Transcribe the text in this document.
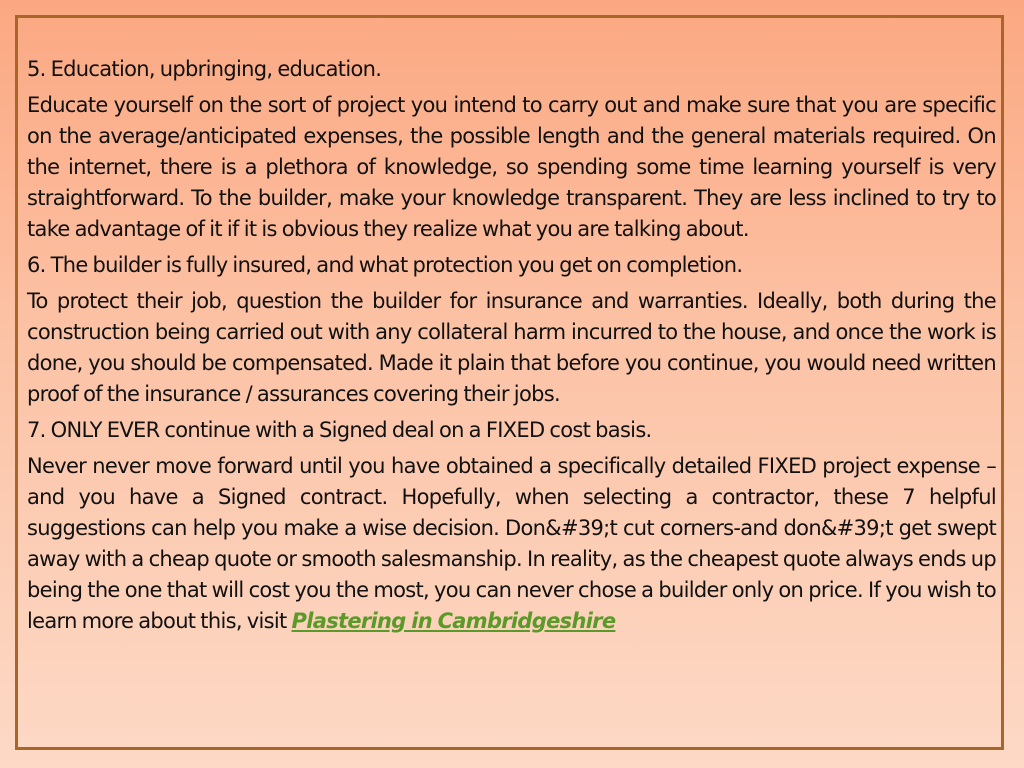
5. Education, upbringing, education.

Educate yourself on the sort of project you intend to carry out and make sure that you are specific on the average/anticipated expenses, the possible length and the general materials required. On the internet, there is a plethora of knowledge, so spending some time learning yourself is very straightforward. To the builder, make your knowledge transparent. They are less inclined to try to take advantage of it if it is obvious they realize what you are talking about.

6. The builder is fully insured, and what protection you get on completion.

To protect their job, question the builder for insurance and warranties. Ideally, both during the construction being carried out with any collateral harm incurred to the house, and once the work is done, you should be compensated. Made it plain that before you continue, you would need written proof of the insurance / assurances covering their jobs.

7. ONLY EVER continue with a Signed deal on a FIXED cost basis.

Never never move forward until you have obtained a specifically detailed FIXED project expense – and you have a Signed contract. Hopefully, when selecting a contractor, these 7 helpful suggestions can help you make a wise decision. Don&#39;t cut corners-and don&#39;t get swept away with a cheap quote or smooth salesmanship. In reality, as the cheapest quote always ends up being the one that will cost you the most, you can never chose a builder only on price. If you wish to learn more about this, visit Plastering in Cambridgeshire
